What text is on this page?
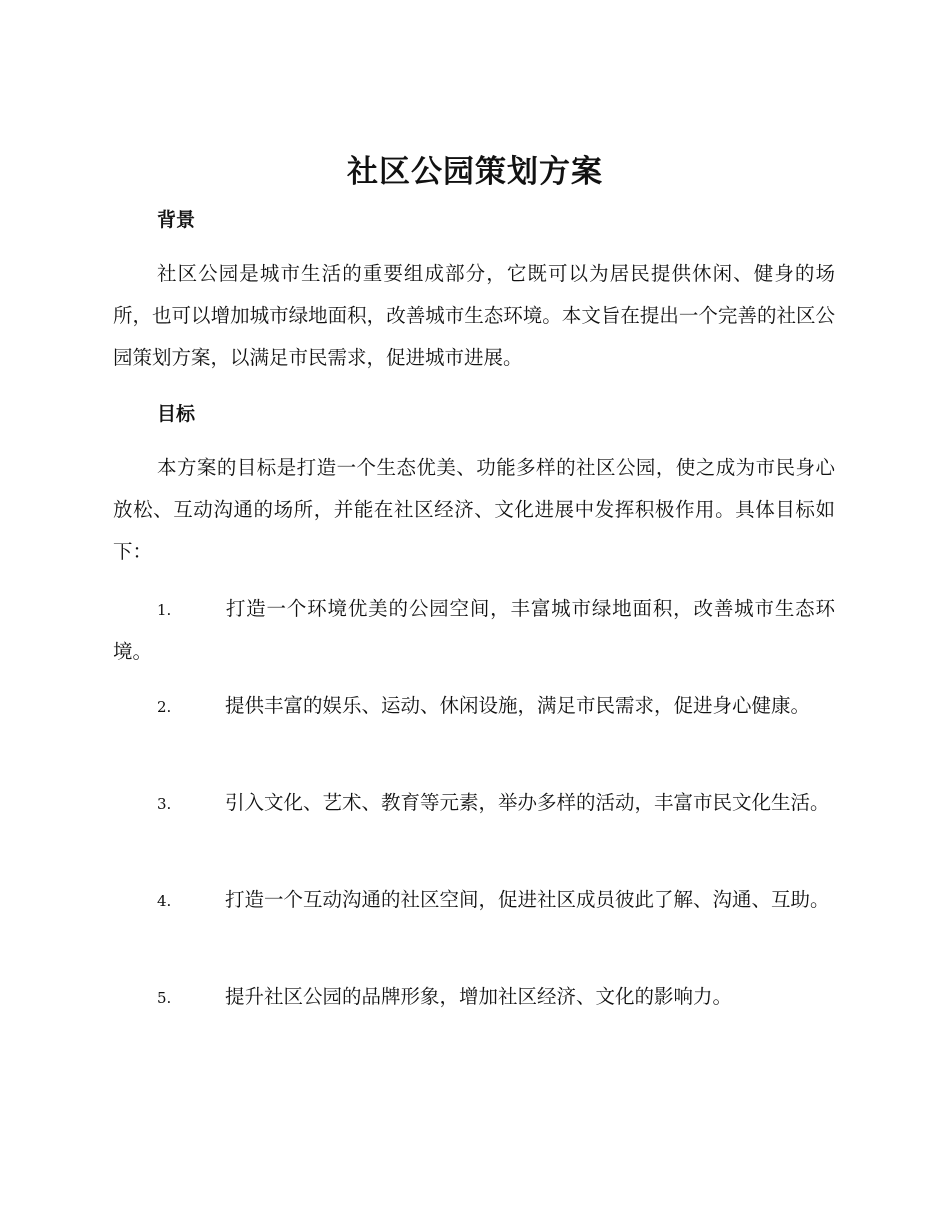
社区公园策划方案
背景

社区公园是城市生活的重要组成部分，它既可以为居民提供休闲、健身的场所，也可以增加城市绿地面积，改善城市生态环境。本文旨在提出一个完善的社区公园策划方案，以满足市民需求，促进城市进展。

目标

本方案的目标是打造一个生态优美、功能多样的社区公园，使之成为市民身心放松、互动沟通的场所，并能在社区经济、文化进展中发挥积极作用。具体目标如下：

1.	打造一个环境优美的公园空间，丰富城市绿地面积，改善城市生态环境。

2.	提供丰富的娱乐、运动、休闲设施，满足市民需求，促进身心健康。

3.	引入文化、艺术、教育等元素，举办多样的活动，丰富市民文化生活。

4.	打造一个互动沟通的社区空间，促进社区成员彼此了解、沟通、互助。

5.	提升社区公园的品牌形象，增加社区经济、文化的影响力。
